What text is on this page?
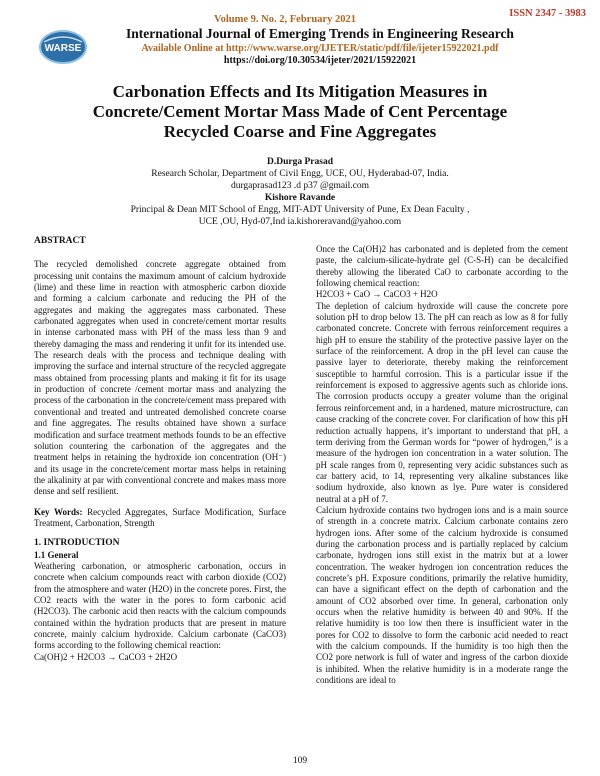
ISSN 2347 - 3983
WARSE
Volume 9. No. 2, February 2021
International Journal of Emerging Trends in Engineering Research
Available Online at http://www.warse.org/IJETER/static/pdf/file/ijeter15922021.pdf
https://doi.org/10.30534/ijeter/2021/15922021
Carbonation Effects and Its Mitigation Measures in
Concrete/Cement Mortar Mass Made of Cent Percentage
Recycled Coarse and Fine Aggregates
D.Durga Prasad
Research Scholar, Department of Civil Engg, UCE, OU, Hyderabad-07, India.
durgaprasad123 .d p37 @gmail.com
Kishore Ravande
Principal & Dean MIT School of Engg, MIT-ADT University of Pune, Ex Dean Faculty ,
UCE ,OU, Hyd-07,Ind ia.kishoreravand@yahoo.com
ABSTRACT

The recycled demolished concrete aggregate obtained from processing unit contains the maximum amount of calcium hydroxide (lime) and these lime in reaction with atmospheric carbon dioxide and forming a calcium carbonate and reducing the PH of the aggregates and making the aggregates mass carbonated. These carbonated aggregates when used in concrete/cement mortar results in intense carbonated mass with PH of the mass less than 9 and thereby damaging the mass and rendering it unfit for its intended use. The research deals with the process and technique dealing with improving the surface and internal structure of the recycled aggregate mass obtained from processing plants and making it fit for its usage in production of concrete /cement mortar mass and analyzing the process of the carbonation in the concrete/cement mass prepared with conventional and treated and untreated demolished concrete coarse and fine aggregates. The results obtained have shown a surface modification and surface treatment methods founds to be an effective solution countering the carbonation of the aggregates and the treatment helps in retaining the hydroxide ion concentration (OH⁻) and its usage in the concrete/cement mortar mass helps in retaining the alkalinity at par with conventional concrete and makes mass more dense and self resilient.

Key Words: Recycled Aggregates, Surface Modification, Surface Treatment, Carbonation, Strength

1. INTRODUCTION
1.1 General

Weathering carbonation, or atmospheric carbonation, occurs in concrete when calcium compounds react with carbon dioxide (CO2) from the atmosphere and water (H2O) in the concrete pores. First, the CO2 reacts with the water in the pores to form carbonic acid (H2CO3). The carbonic acid then reacts with the calcium compounds contained within the hydration products that are present in mature concrete, mainly calcium hydroxide. Calcium carbonate (CaCO3) forms according to the following chemical reaction:

Ca(OH)2 + H2CO3 → CaCO3 + 2H2O

Once the Ca(OH)2 has carbonated and is depleted from the cement paste, the calcium-silicate-hydrate gel (C-S-H) can be decalcified thereby allowing the liberated CaO to carbonate according to the following chemical reaction:

H2CO3 + CaO → CaCO3 + H2O

The depletion of calcium hydroxide will cause the concrete pore solution pH to drop below 13. The pH can reach as low as 8 for fully carbonated concrete. Concrete with ferrous reinforcement requires a high pH to ensure the stability of the protective passive layer on the surface of the reinforcement. A drop in the pH level can cause the passive layer to deteriorate, thereby making the reinforcement susceptible to harmful corrosion. This is a particular issue if the reinforcement is exposed to aggressive agents such as chloride ions. The corrosion products occupy a greater volume than the original ferrous reinforcement and, in a hardened, mature microstructure, can cause cracking of the concrete cover. For clarification of how this pH reduction actually happens, it’s important to understand that pH, a term deriving from the German words for “power of hydrogen,” is a measure of the hydrogen ion concentration in a water solution. The pH scale ranges from 0, representing very acidic substances such as car battery acid, to 14, representing very alkaline substances like sodium hydroxide, also known as lye. Pure water is considered neutral at a pH of 7.

Calcium hydroxide contains two hydrogen ions and is a main source of strength in a concrete matrix. Calcium carbonate contains zero hydrogen ions. After some of the calcium hydroxide is consumed during the carbonation process and is partially replaced by calcium carbonate, hydrogen ions still exist in the matrix but at a lower concentration. The weaker hydrogen ion concentration reduces the concrete’s pH. Exposure conditions, primarily the relative humidity, can have a significant effect on the depth of carbonation and the amount of CO2 absorbed over time. In general, carbonation only occurs when the relative humidity is between 40 and 90%. If the relative humidity is too low then there is insufficient water in the pores for CO2 to dissolve to form the carbonic acid needed to react with the calcium compounds. If the humidity is too high then the CO2 pore network is full of water and ingress of the carbon dioxide is inhibited. When the relative humidity is in a moderate range the conditions are ideal to

109
